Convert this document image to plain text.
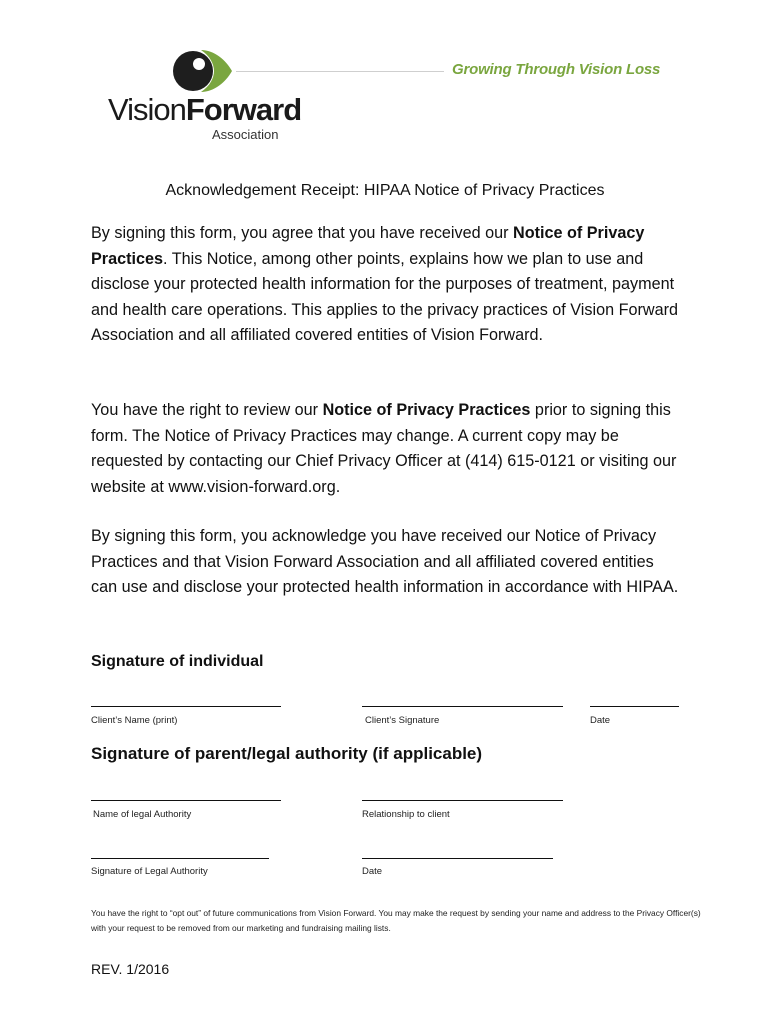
VisionForward
Association
Growing Through Vision Loss
Acknowledgement Receipt: HIPAA Notice of Privacy Practices

By signing this form, you agree that you have received our Notice of Privacy Practices. This Notice, among other points, explains how we plan to use and disclose your protected health information for the purposes of treatment, payment and health care operations. This applies to the privacy practices of Vision Forward Association and all affiliated covered entities of Vision Forward.

You have the right to review our Notice of Privacy Practices prior to signing this form. The Notice of Privacy Practices may change. A current copy may be requested by contacting our Chief Privacy Officer at (414) 615-0121 or visiting our website at www.vision-forward.org.

By signing this form, you acknowledge you have received our Notice of Privacy Practices and that Vision Forward Association and all affiliated covered entities can use and disclose your protected health information in accordance with HIPAA.

Signature of individual
Client’s Name (print)	Client’s Signature	Date
Signature of parent/legal authority (if applicable)
Name of legal Authority	Relationship to client
Signature of Legal Authority	Date
You have the right to “opt out” of future communications from Vision Forward. You may make the request by sending your name and address to the Privacy Officer(s) with your request to be removed from our marketing and fundraising mailing lists.
REV. 1/2016
